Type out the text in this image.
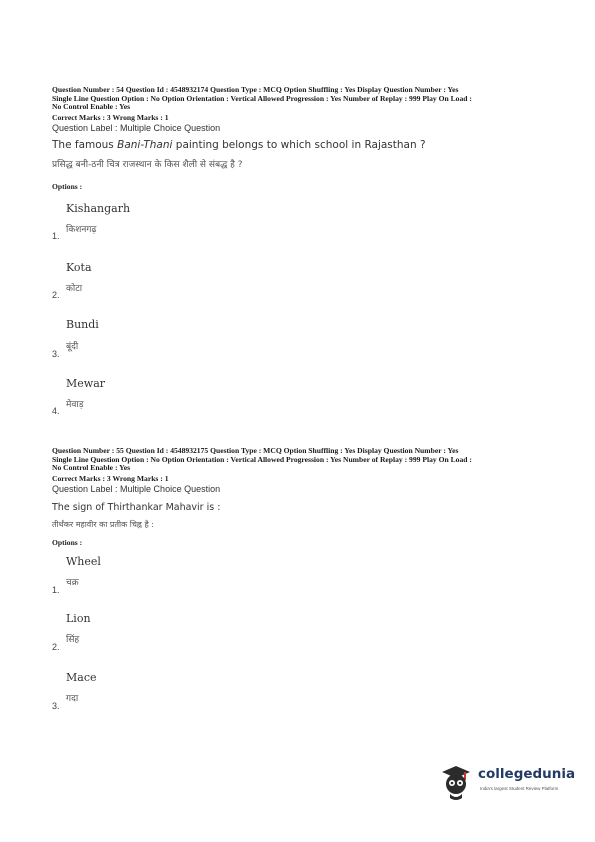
Question Number : 54 Question Id : 4548932174 Question Type : MCQ Option Shuffling : Yes Display Question Number : Yes
Single Line Question Option : No Option Orientation : Vertical Allowed Progression : Yes Number of Replay : 999 Play On Load :
No Control Enable : Yes
Correct Marks : 3 Wrong Marks : 1
Question Label : Multiple Choice Question
The famous Bani-Thani painting belongs to which school in Rajasthan ?
प्रसिद्ध बनी-ठनी चित्र राजस्थान के किस शैली से संबद्ध है ?
Options :
Kishangarh
किशनगढ़
1.
Kota
कोटा
2.
Bundi
बूंदी
3.
Mewar
मेवाड़
4.
Question Number : 55 Question Id : 4548932175 Question Type : MCQ Option Shuffling : Yes Display Question Number : Yes
Single Line Question Option : No Option Orientation : Vertical Allowed Progression : Yes Number of Replay : 999 Play On Load :
No Control Enable : Yes
Correct Marks : 3 Wrong Marks : 1
Question Label : Multiple Choice Question
The sign of Thirthankar Mahavir is :
तीर्थंकर महावीर का प्रतीक चिह्न है :
Options :
Wheel
चक्र
1.
Lion
सिंह
2.
Mace
गदा
3.
collegedunia
India's largest Student Review Platform
